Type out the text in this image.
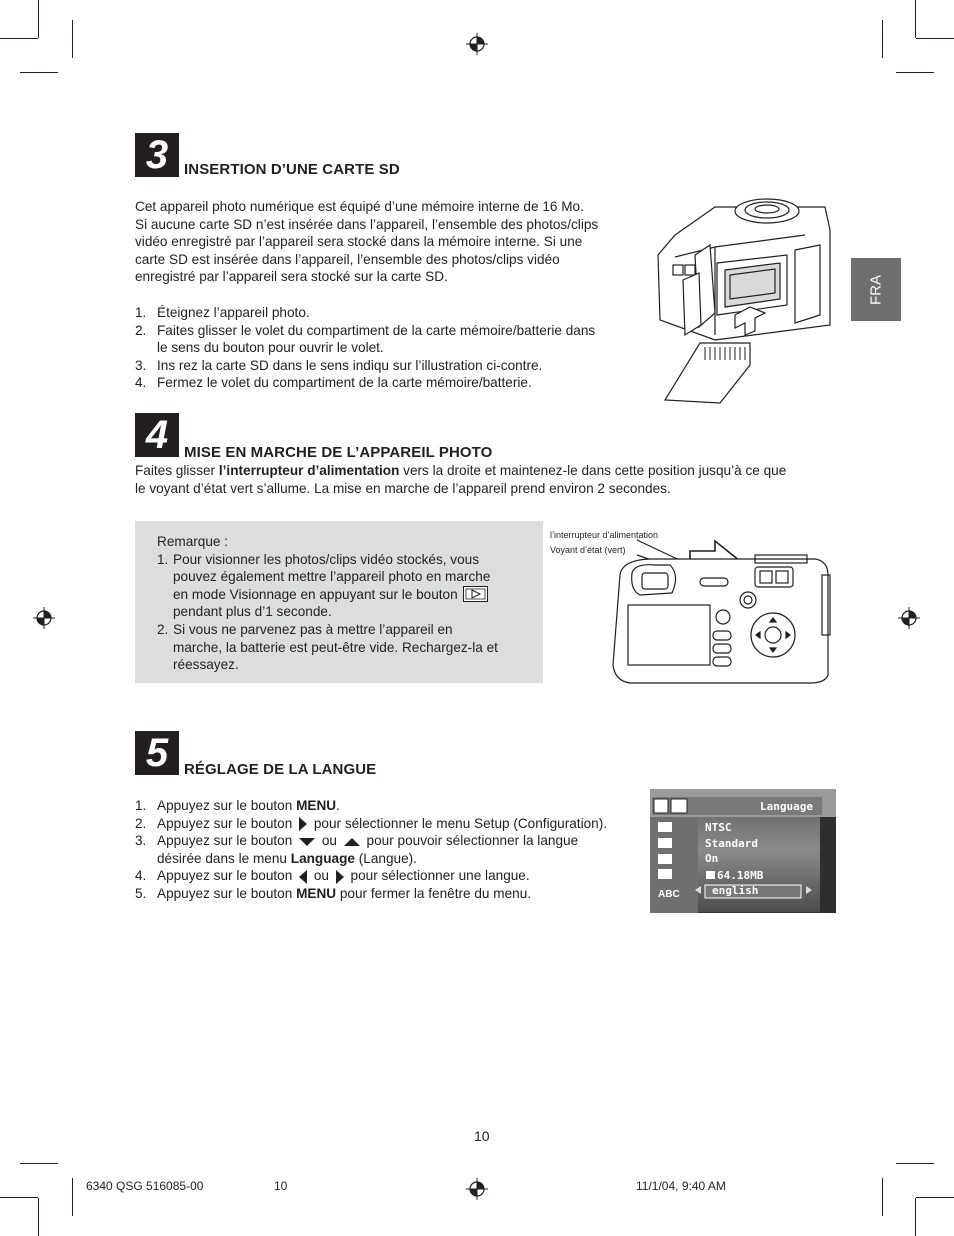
FRA
3	INSERTION D’UNE CARTE SD

Cet appareil photo numérique est équipé d’une mémoire interne de 16 Mo.

Si aucune carte SD n’est insérée dans l’appareil, l’ensemble des photos/clips

vidéo enregistré par l’appareil sera stocké dans la mémoire interne. Si une

carte SD est insérée dans l’appareil, l’ensemble des photos/clips vidéo

enregistré par l’appareil sera stocké sur la carte SD.

1. Éteignez l’appareil photo.
2. Faites glisser le volet du compartiment de la carte mémoire/batterie dans
le sens du bouton pour ouvrir le volet.
3. Ins rez la carte SD dans le sens indiqu sur l’illustration ci-contre.
4. Fermez le volet du compartiment de la carte mémoire/batterie.
4	MISE EN MARCHE DE L’APPAREIL PHOTO

Faites glisser l’interrupteur d’alimentation vers la droite et maintenez-le dans cette position jusqu’à ce que

le voyant d’état vert s’allume. La mise en marche de l’appareil prend environ 2 secondes.

Remarque :
1. Pour visionner les photos/clips vidéo stockés, vous
pouvez également mettre l’appareil photo en marche
en mode Visionnage en appuyant sur le bouton
pendant plus d’1 seconde.
2. Si vous ne parvenez pas à mettre l’appareil en
marche, la batterie est peut-être vide. Rechargez-la et
réessayez.
l’interrupteur d’alimentation
Voyant d’état (vert)
5	RÉGLAGE DE LA LANGUE
1. Appuyez sur le bouton MENU.
2. Appuyez sur le bouton  pour sélectionner le menu Setup (Configuration).
3. Appuyez sur le bouton  ou  pour pouvoir sélectionner la langue
désirée dans le menu Language (Langue).
4. Appuyez sur le bouton  ou  pour sélectionner une langue.
5. Appuyez sur le bouton MENU pour fermer la fenêtre du menu.	ABC
Language
NTSC
Standard
On
64.18MB
english
10
6340 QSG 516085-00	10	11/1/04, 9:40 AM
